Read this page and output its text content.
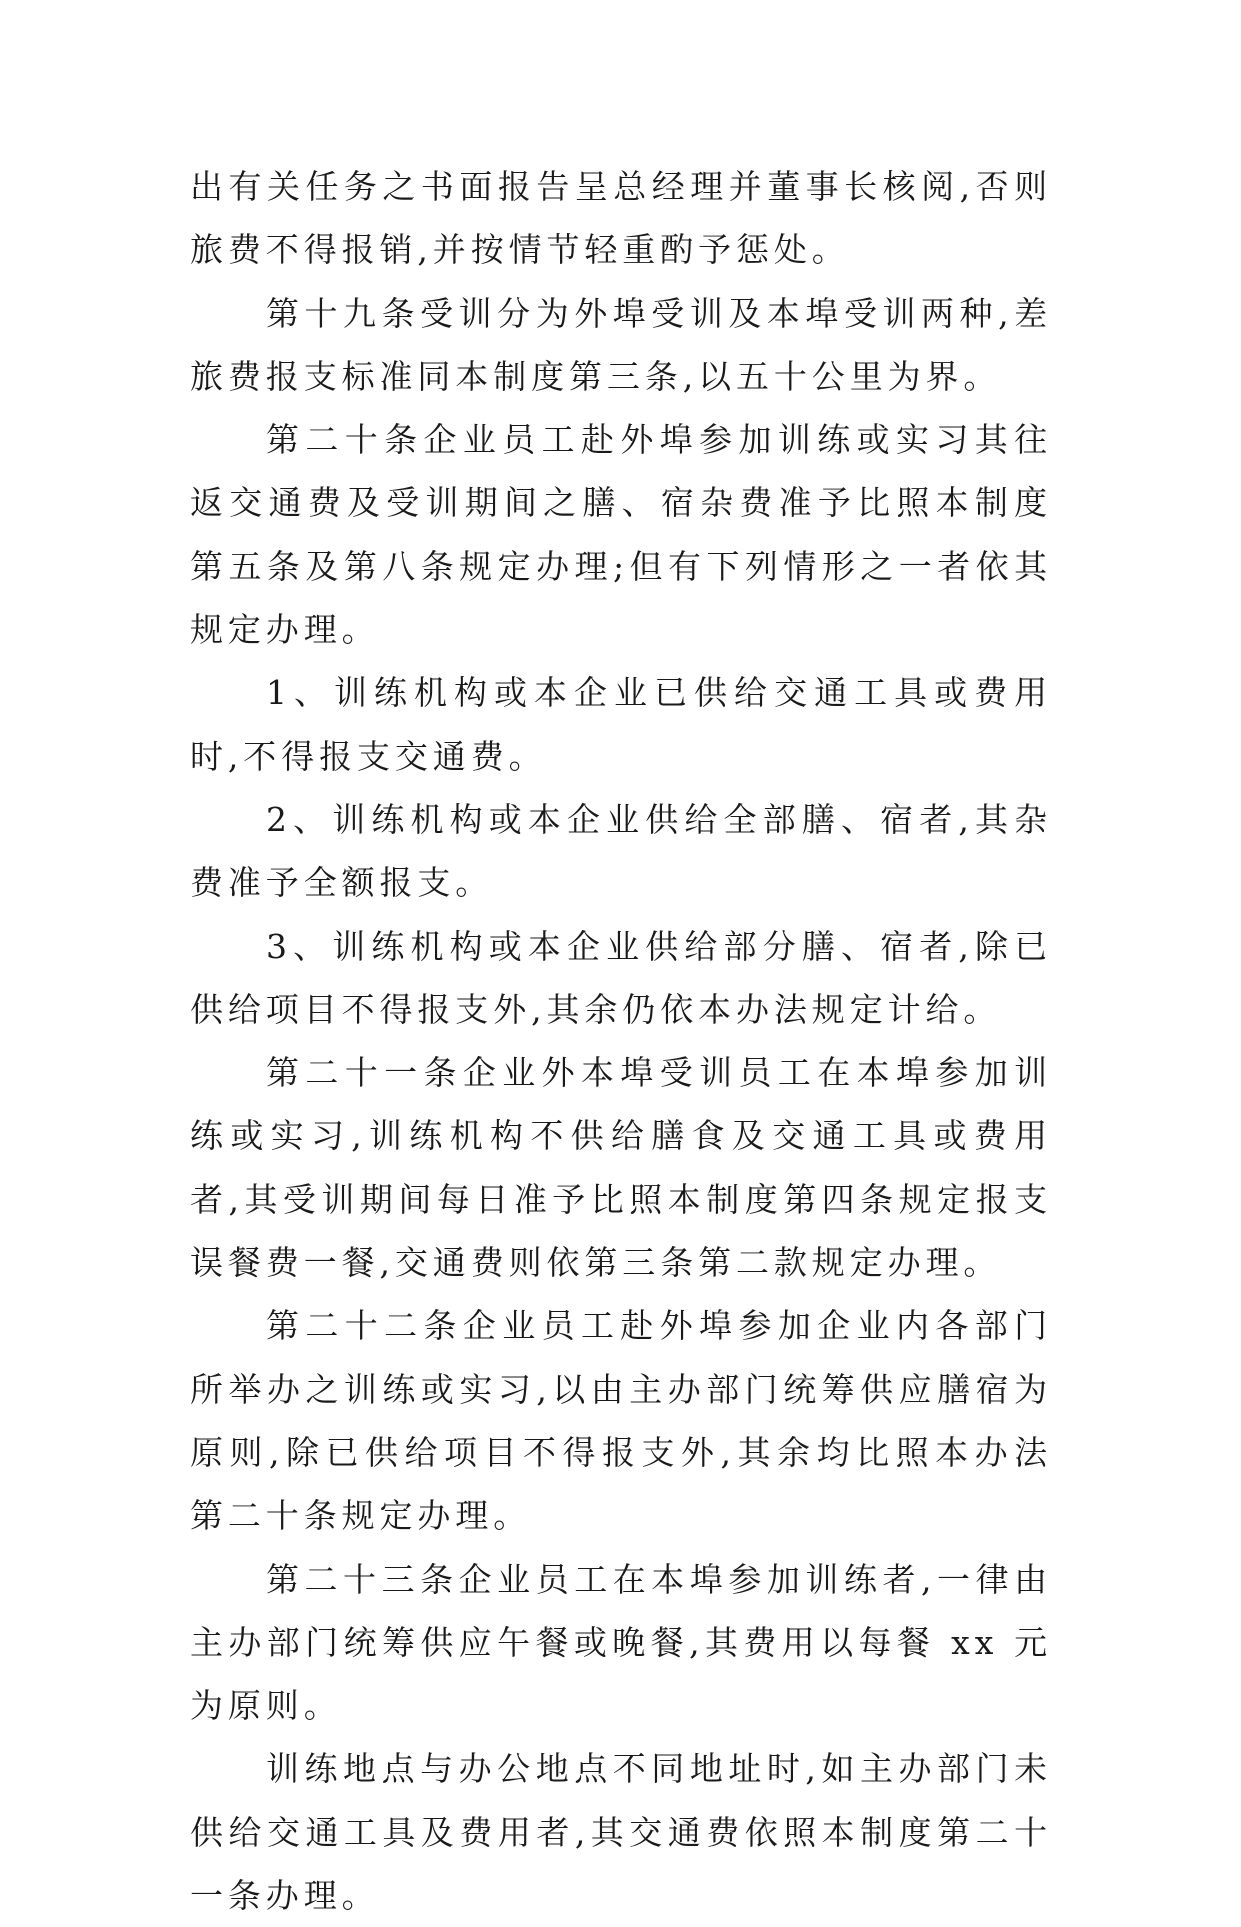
出有关任务之书面报告呈总经理并董事长核阅,否则旅费不得报销,并按情节轻重酌予惩处。

第十九条受训分为外埠受训及本埠受训两种,差旅费报支标准同本制度第三条,以五十公里为界。

第二十条企业员工赴外埠参加训练或实习其往返交通费及受训期间之膳、宿杂费准予比照本制度第五条及第八条规定办理;但有下列情形之一者依其规定办理。

1、训练机构或本企业已供给交通工具或费用时,不得报支交通费。

2、训练机构或本企业供给全部膳、宿者,其杂费准予全额报支。

3、训练机构或本企业供给部分膳、宿者,除已供给项目不得报支外,其余仍依本办法规定计给。

第二十一条企业外本埠受训员工在本埠参加训练或实习,训练机构不供给膳食及交通工具或费用者,其受训期间每日准予比照本制度第四条规定报支误餐费一餐,交通费则依第三条第二款规定办理。

第二十二条企业员工赴外埠参加企业内各部门所举办之训练或实习,以由主办部门统筹供应膳宿为原则,除已供给项目不得报支外,其余均比照本办法第二十条规定办理。

第二十三条企业员工在本埠参加训练者,一律由主办部门统筹供应午餐或晚餐,其费用以每餐 xx 元为原则。

训练地点与办公地点不同地址时,如主办部门未供给交通工具及费用者,其交通费依照本制度第二十一条办理。
